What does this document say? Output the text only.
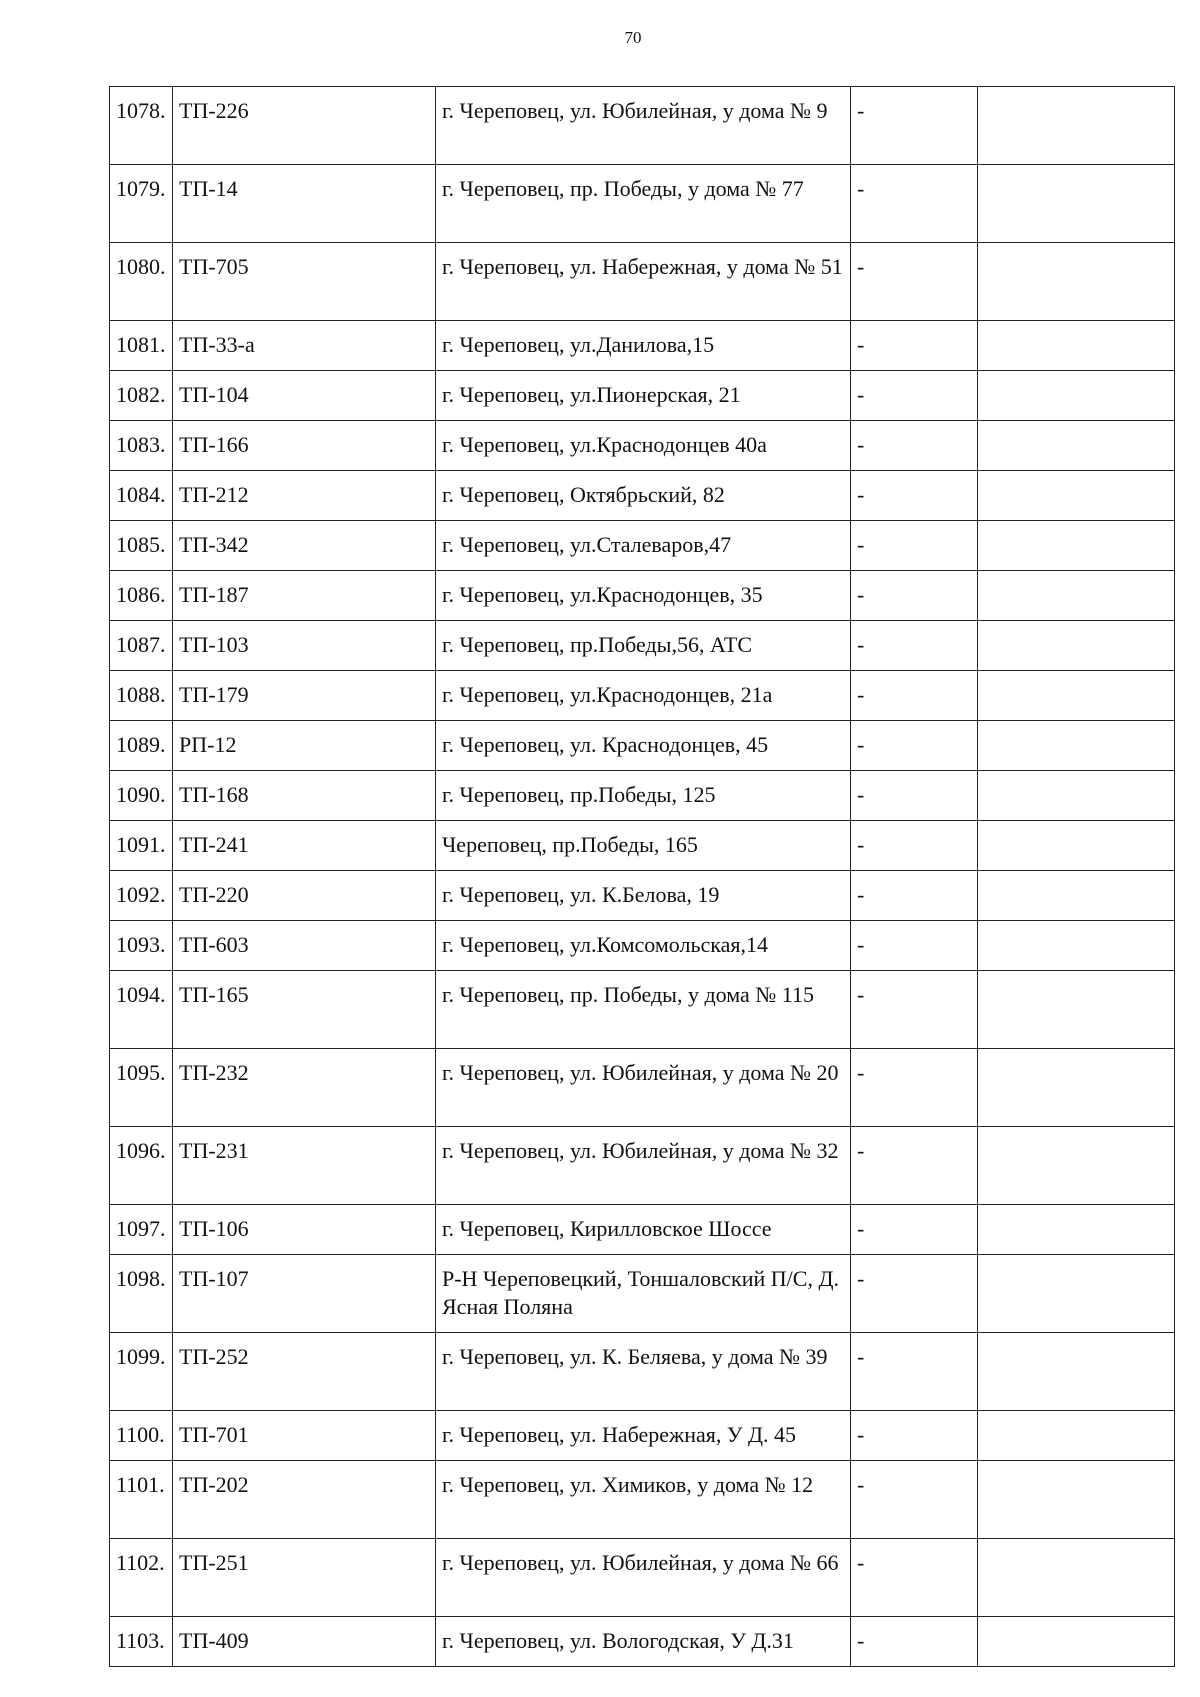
70
1078.	ТП-226	г. Череповец, ул. Юбилейная, у дома № 9	-	
1079.	ТП-14	г. Череповец, пр. Победы, у дома № 77	-	
1080.	ТП-705	г. Череповец, ул. Набережная, у дома № 51	-	
1081.	ТП-33-а	г. Череповец, ул.Данилова,15	-	
1082.	ТП-104	г. Череповец, ул.Пионерская, 21	-	
1083.	ТП-166	г. Череповец, ул.Краснодонцев 40а	-	
1084.	ТП-212	г. Череповец, Октябрьский, 82	-	
1085.	ТП-342	г. Череповец, ул.Сталеваров,47	-	
1086.	ТП-187	г. Череповец, ул.Краснодонцев, 35	-	
1087.	ТП-103	г. Череповец, пр.Победы,56, АТС	-	
1088.	ТП-179	г. Череповец, ул.Краснодонцев, 21а	-	
1089.	РП-12	г. Череповец, ул. Краснодонцев, 45	-	
1090.	ТП-168	г. Череповец, пр.Победы, 125	-	
1091.	ТП-241	Череповец, пр.Победы, 165	-	
1092.	ТП-220	г. Череповец, ул. К.Белова, 19	-	
1093.	ТП-603	г. Череповец, ул.Комсомольская,14	-	
1094.	ТП-165	г. Череповец, пр. Победы, у дома № 115	-	
1095.	ТП-232	г. Череповец, ул. Юбилейная, у дома № 20	-	
1096.	ТП-231	г. Череповец, ул. Юбилейная, у дома № 32	-	
1097.	ТП-106	г. Череповец, Кирилловское Шоссе	-	
1098.	ТП-107	Р-Н Череповецкий, Тоншаловский П/С, Д. Ясная Поляна	-	
1099.	ТП-252	г. Череповец, ул. К. Беляева, у дома № 39	-	
1100.	ТП-701	г. Череповец, ул. Набережная, У Д. 45	-	
1101.	ТП-202	г. Череповец, ул. Химиков, у дома № 12	-	
1102.	ТП-251	г. Череповец, ул. Юбилейная, у дома № 66	-	
1103.	ТП-409	г. Череповец, ул. Вологодская, У Д.31	-	
